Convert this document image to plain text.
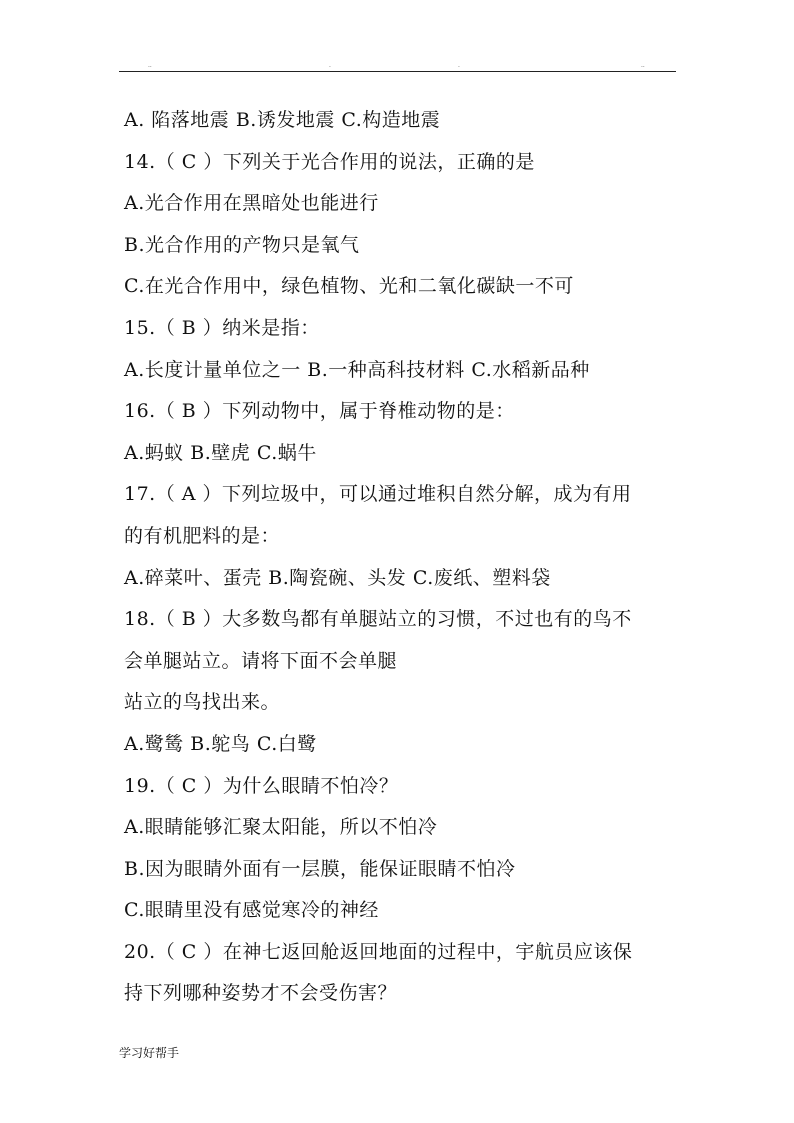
..	.	.	..
A. 陷落地震 B.诱发地震 C.构造地震
14.（ C ）下列关于光合作用的说法，正确的是
A.光合作用在黑暗处也能进行
B.光合作用的产物只是氧气
C.在光合作用中，绿色植物、光和二氧化碳缺一不可
15.（ B ）纳米是指：
A.长度计量单位之一 B.一种高科技材料 C.水稻新品种
16.（ B ）下列动物中，属于脊椎动物的是：
A.蚂蚁 B.壁虎 C.蜗牛
17.（ A ）下列垃圾中，可以通过堆积自然分解，成为有用
的有机肥料的是：
A.碎菜叶、蛋壳 B.陶瓷碗、头发 C.废纸、塑料袋
18.（ B ）大多数鸟都有单腿站立的习惯，不过也有的鸟不
会单腿站立。请将下面不会单腿
站立的鸟找出来。
A.鹭鸶 B.鸵鸟 C.白鹭
19.（ C ）为什么眼睛不怕冷？
A.眼睛能够汇聚太阳能，所以不怕冷
B.因为眼睛外面有一层膜，能保证眼睛不怕冷
C.眼睛里没有感觉寒冷的神经
20.（ C ）在神七返回舱返回地面的过程中，宇航员应该保
持下列哪种姿势才不会受伤害？
学习好帮手
